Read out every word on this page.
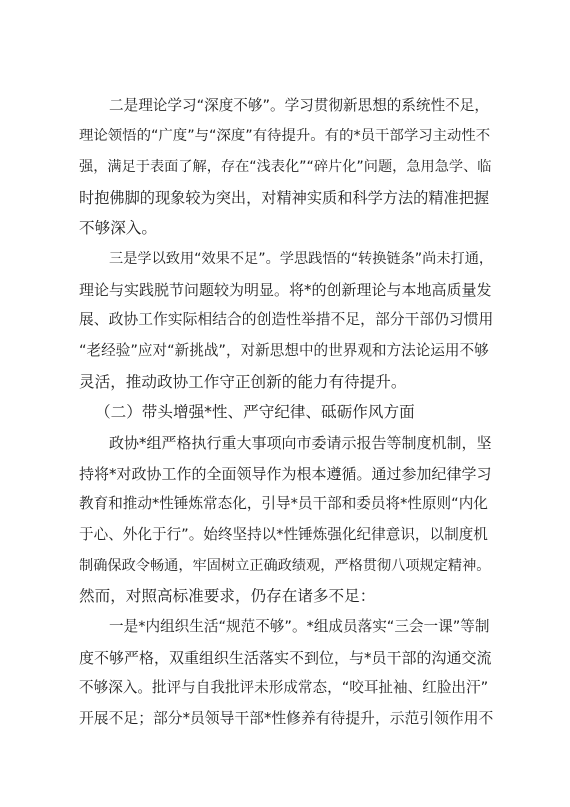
二是理论学习“深度不够”。学习贯彻新思想的系统性不足，
理论领悟的“广度”与“深度”有待提升。有的*员干部学习主动性不
强，满足于表面了解，存在“浅表化”“碎片化”问题，急用急学、临
时抱佛脚的现象较为突出，对精神实质和科学方法的精准把握
不够深入。
三是学以致用“效果不足”。学思践悟的“转换链条”尚未打通，
理论与实践脱节问题较为明显。将*的创新理论与本地高质量发
展、政协工作实际相结合的创造性举措不足，部分干部仍习惯用
“老经验”应对“新挑战”，对新思想中的世界观和方法论运用不够
灵活，推动政协工作守正创新的能力有待提升。
（二）带头增强*性、严守纪律、砥砺作风方面
政协*组严格执行重大事项向市委请示报告等制度机制，坚
持将*对政协工作的全面领导作为根本遵循。通过参加纪律学习
教育和推动*性锤炼常态化，引导*员干部和委员将*性原则“内化
于心、外化于行”。始终坚持以*性锤炼强化纪律意识，以制度机
制确保政令畅通，牢固树立正确政绩观，严格贯彻八项规定精神。
然而，对照高标准要求，仍存在诸多不足：
一是*内组织生活“规范不够”。*组成员落实“三会一课”等制
度不够严格，双重组织生活落实不到位，与*员干部的沟通交流
不够深入。批评与自我批评未形成常态，“咬耳扯袖、红脸出汗”
开展不足；部分*员领导干部*性修养有待提升，示范引领作用不
